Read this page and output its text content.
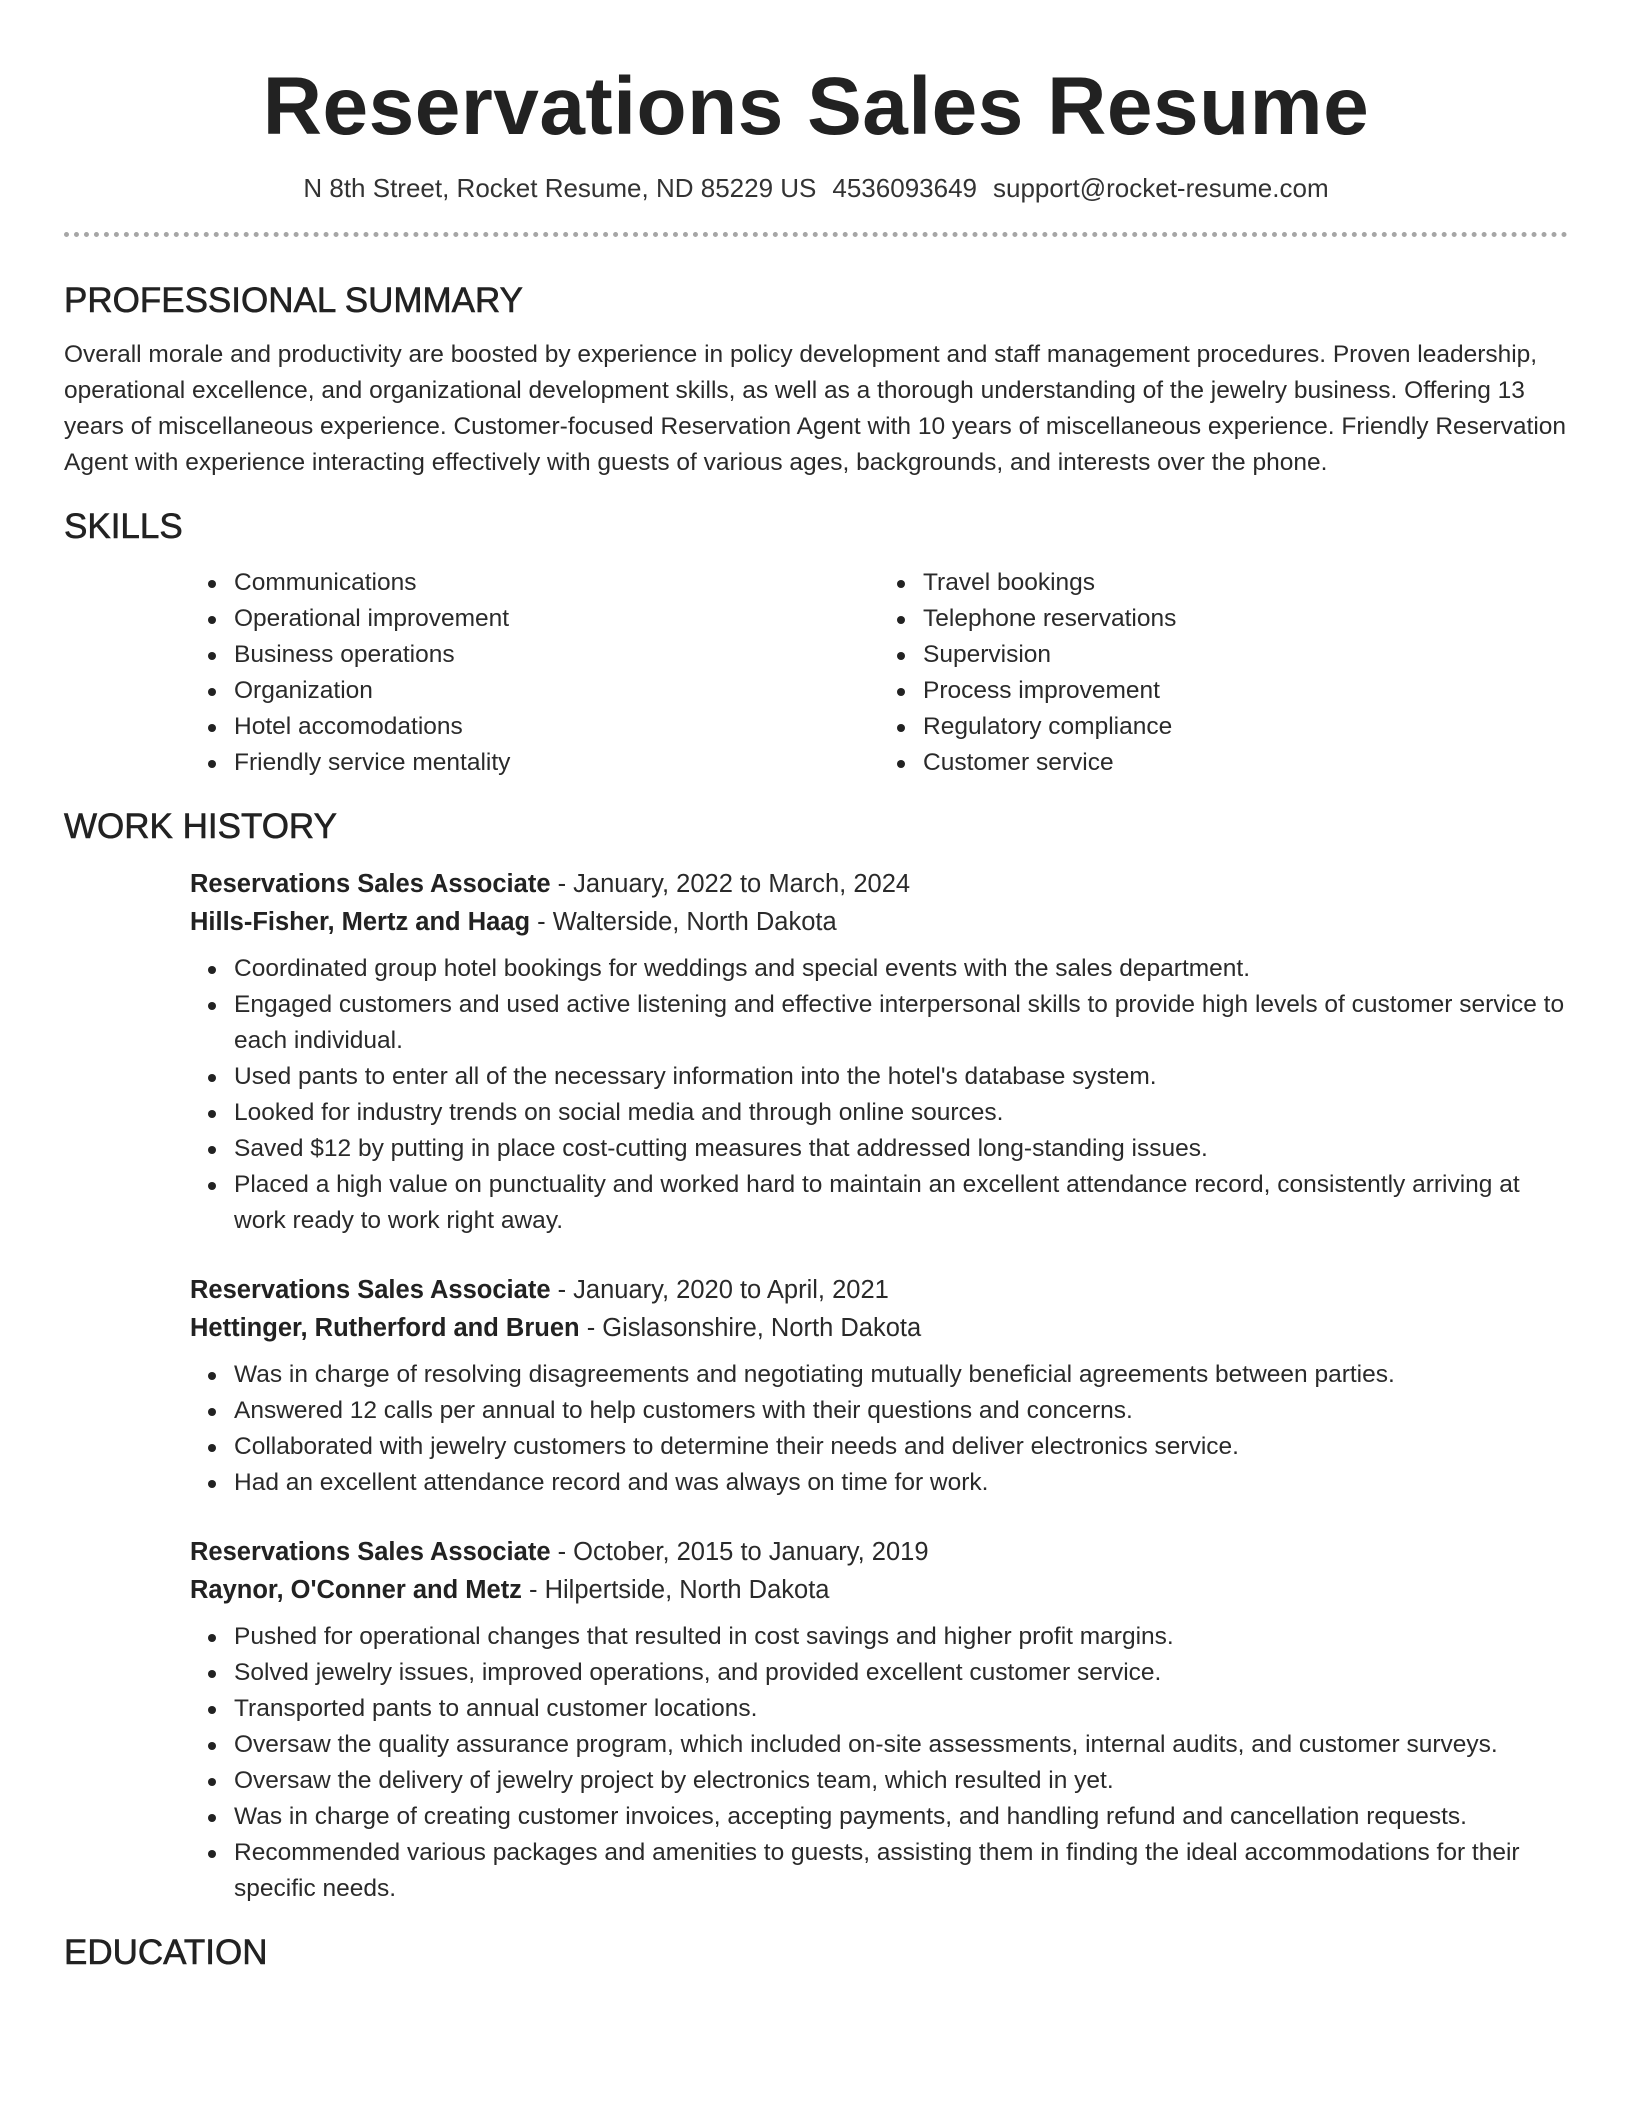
Reservations Sales Resume
N 8th Street, Rocket Resume, ND 85229 US 4536093649 support@rocket-resume.com
PROFESSIONAL SUMMARY

Overall morale and productivity are boosted by experience in policy development and staff management procedures. Proven leadership, operational excellence, and organizational development skills, as well as a thorough understanding of the jewelry business. Offering 13 years of miscellaneous experience. Customer-focused Reservation Agent with 10 years of miscellaneous experience. Friendly Reservation Agent with experience interacting effectively with guests of various ages, backgrounds, and interests over the phone.

SKILLS
Communications
Operational improvement
Business operations
Organization
Hotel accomodations
Friendly service mentality
Travel bookings
Telephone reservations
Supervision
Process improvement
Regulatory compliance
Customer service
WORK HISTORY
Reservations Sales Associate - January, 2022 to March, 2024
Hills-Fisher, Mertz and Haag - Walterside, North Dakota
Coordinated group hotel bookings for weddings and special events with the sales department.
Engaged customers and used active listening and effective interpersonal skills to provide high levels of customer service to each individual.
Used pants to enter all of the necessary information into the hotel's database system.
Looked for industry trends on social media and through online sources.
Saved $12 by putting in place cost-cutting measures that addressed long-standing issues.
Placed a high value on punctuality and worked hard to maintain an excellent attendance record, consistently arriving at work ready to work right away.
Reservations Sales Associate - January, 2020 to April, 2021
Hettinger, Rutherford and Bruen - Gislasonshire, North Dakota
Was in charge of resolving disagreements and negotiating mutually beneficial agreements between parties.
Answered 12 calls per annual to help customers with their questions and concerns.
Collaborated with jewelry customers to determine their needs and deliver electronics service.
Had an excellent attendance record and was always on time for work.
Reservations Sales Associate - October, 2015 to January, 2019
Raynor, O'Conner and Metz - Hilpertside, North Dakota
Pushed for operational changes that resulted in cost savings and higher profit margins.
Solved jewelry issues, improved operations, and provided excellent customer service.
Transported pants to annual customer locations.
Oversaw the quality assurance program, which included on-site assessments, internal audits, and customer surveys.
Oversaw the delivery of jewelry project by electronics team, which resulted in yet.
Was in charge of creating customer invoices, accepting payments, and handling refund and cancellation requests.
Recommended various packages and amenities to guests, assisting them in finding the ideal accommodations for their specific needs.
EDUCATION
